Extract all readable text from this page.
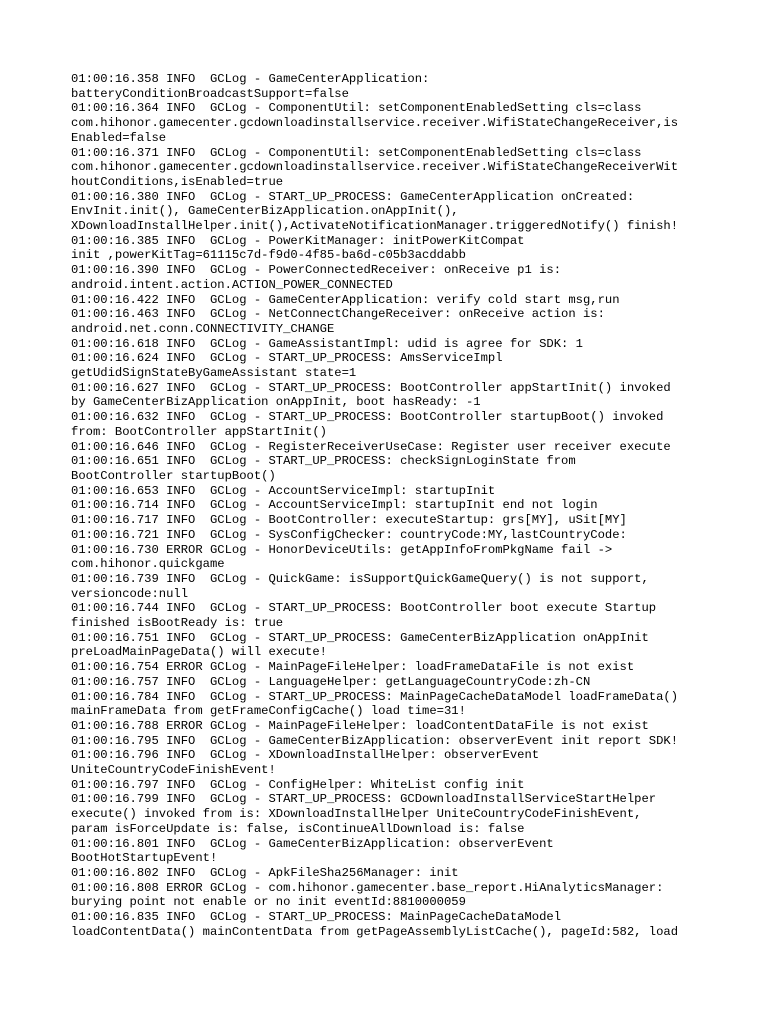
01:00:16.358 INFO  GCLog - GameCenterApplication:
batteryConditionBroadcastSupport=false
01:00:16.364 INFO  GCLog - ComponentUtil: setComponentEnabledSetting cls=class
com.hihonor.gamecenter.gcdownloadinstallservice.receiver.WifiStateChangeReceiver,is
Enabled=false
01:00:16.371 INFO  GCLog - ComponentUtil: setComponentEnabledSetting cls=class
com.hihonor.gamecenter.gcdownloadinstallservice.receiver.WifiStateChangeReceiverWit
houtConditions,isEnabled=true
01:00:16.380 INFO  GCLog - START_UP_PROCESS: GameCenterApplication onCreated:
EnvInit.init(), GameCenterBizApplication.onAppInit(),
XDownloadInstallHelper.init(),ActivateNotificationManager.triggeredNotify() finish!
01:00:16.385 INFO  GCLog - PowerKitManager: initPowerKitCompat
init ,powerKitTag=61115c7d-f9d0-4f85-ba6d-c05b3acddabb
01:00:16.390 INFO  GCLog - PowerConnectedReceiver: onReceive p1 is:
android.intent.action.ACTION_POWER_CONNECTED
01:00:16.422 INFO  GCLog - GameCenterApplication: verify cold start msg,run
01:00:16.463 INFO  GCLog - NetConnectChangeReceiver: onReceive action is:
android.net.conn.CONNECTIVITY_CHANGE
01:00:16.618 INFO  GCLog - GameAssistantImpl: udid is agree for SDK: 1
01:00:16.624 INFO  GCLog - START_UP_PROCESS: AmsServiceImpl
getUdidSignStateByGameAssistant state=1
01:00:16.627 INFO  GCLog - START_UP_PROCESS: BootController appStartInit() invoked
by GameCenterBizApplication onAppInit, boot hasReady: -1
01:00:16.632 INFO  GCLog - START_UP_PROCESS: BootController startupBoot() invoked
from: BootController appStartInit()
01:00:16.646 INFO  GCLog - RegisterReceiverUseCase: Register user receiver execute
01:00:16.651 INFO  GCLog - START_UP_PROCESS: checkSignLoginState from
BootController startupBoot()
01:00:16.653 INFO  GCLog - AccountServiceImpl: startupInit
01:00:16.714 INFO  GCLog - AccountServiceImpl: startupInit end not login
01:00:16.717 INFO  GCLog - BootController: executeStartup: grs[MY], uSit[MY]
01:00:16.721 INFO  GCLog - SysConfigChecker: countryCode:MY,lastCountryCode:
01:00:16.730 ERROR GCLog - HonorDeviceUtils: getAppInfoFromPkgName fail ->
com.hihonor.quickgame
01:00:16.739 INFO  GCLog - QuickGame: isSupportQuickGameQuery() is not support,
versioncode:null
01:00:16.744 INFO  GCLog - START_UP_PROCESS: BootController boot execute Startup
finished isBootReady is: true
01:00:16.751 INFO  GCLog - START_UP_PROCESS: GameCenterBizApplication onAppInit
preLoadMainPageData() will execute!
01:00:16.754 ERROR GCLog - MainPageFileHelper: loadFrameDataFile is not exist
01:00:16.757 INFO  GCLog - LanguageHelper: getLanguageCountryCode:zh-CN
01:00:16.784 INFO  GCLog - START_UP_PROCESS: MainPageCacheDataModel loadFrameData()
mainFrameData from getFrameConfigCache() load time=31!
01:00:16.788 ERROR GCLog - MainPageFileHelper: loadContentDataFile is not exist
01:00:16.795 INFO  GCLog - GameCenterBizApplication: observerEvent init report SDK!
01:00:16.796 INFO  GCLog - XDownloadInstallHelper: observerEvent
UniteCountryCodeFinishEvent!
01:00:16.797 INFO  GCLog - ConfigHelper: WhiteList config init
01:00:16.799 INFO  GCLog - START_UP_PROCESS: GCDownloadInstallServiceStartHelper
execute() invoked from is: XDownloadInstallHelper UniteCountryCodeFinishEvent,
param isForceUpdate is: false, isContinueAllDownload is: false
01:00:16.801 INFO  GCLog - GameCenterBizApplication: observerEvent
BootHotStartupEvent!
01:00:16.802 INFO  GCLog - ApkFileSha256Manager: init
01:00:16.808 ERROR GCLog - com.hihonor.gamecenter.base_report.HiAnalyticsManager:
burying point not enable or no init eventId:8810000059
01:00:16.835 INFO  GCLog - START_UP_PROCESS: MainPageCacheDataModel
loadContentData() mainContentData from getPageAssemblyListCache(), pageId:582, load
